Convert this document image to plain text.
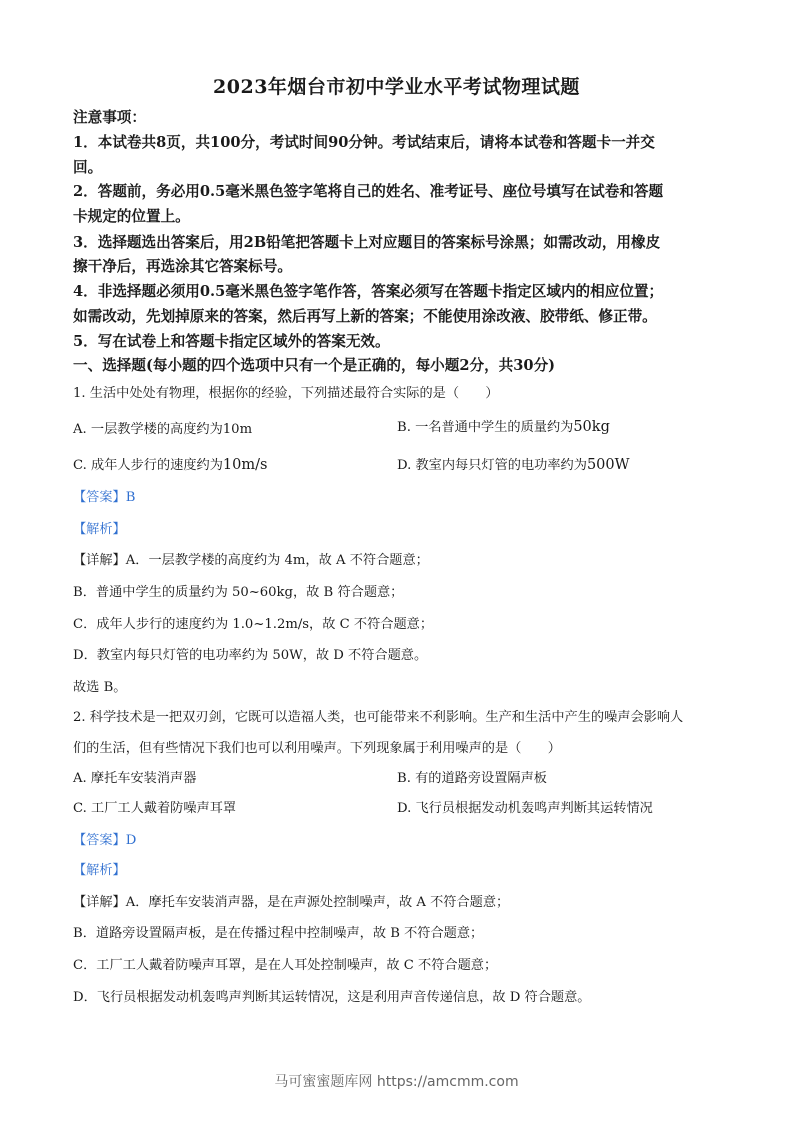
2023年烟台市初中学业水平考试物理试题
注意事项：
1．本试卷共8页，共100分，考试时间90分钟。考试结束后，请将本试卷和答题卡一并交
回。
2．答题前，务必用0.5毫米黑色签字笔将自己的姓名、准考证号、座位号填写在试卷和答题
卡规定的位置上。
3．选择题选出答案后，用2B铅笔把答题卡上对应题目的答案标号涂黑；如需改动，用橡皮
擦干净后，再选涂其它答案标号。
4．非选择题必须用0.5毫米黑色签字笔作答，答案必须写在答题卡指定区域内的相应位置；
如需改动，先划掉原来的答案，然后再写上新的答案；不能使用涂改液、胶带纸、修正带。
5．写在试卷上和答题卡指定区域外的答案无效。
一、选择题(每小题的四个选项中只有一个是正确的，每小题2分，共30分)
1. 生活中处处有物理，根据你的经验，下列描述最符合实际的是（　　）
A. 一层教学楼的高度约为10m	B. 一名普通中学生的质量约为50kg
C. 成年人步行的速度约为10m/s	D. 教室内每只灯管的电功率约为500W
【答案】B
【解析】
【详解】A．一层教学楼的高度约为 4m，故 A 不符合题意；
B．普通中学生的质量约为 50~60kg，故 B 符合题意；
C．成年人步行的速度约为 1.0~1.2m/s，故 C 不符合题意；
D．教室内每只灯管的电功率约为 50W，故 D 不符合题意。
故选 B。
2. 科学技术是一把双刃剑，它既可以造福人类，也可能带来不利影响。生产和生活中产生的噪声会影响人
们的生活，但有些情况下我们也可以利用噪声。下列现象属于利用噪声的是（　　）
A. 摩托车安装消声器	B. 有的道路旁设置隔声板
C. 工厂工人戴着防噪声耳罩	D. 飞行员根据发动机轰鸣声判断其运转情况
【答案】D
【解析】
【详解】A．摩托车安装消声器，是在声源处控制噪声，故 A 不符合题意；
B．道路旁设置隔声板，是在传播过程中控制噪声，故 B 不符合题意；
C．工厂工人戴着防噪声耳罩，是在人耳处控制噪声，故 C 不符合题意；
D．飞行员根据发动机轰鸣声判断其运转情况，这是利用声音传递信息，故 D 符合题意。
马可蜜蜜题库网 https://amcmm.com
